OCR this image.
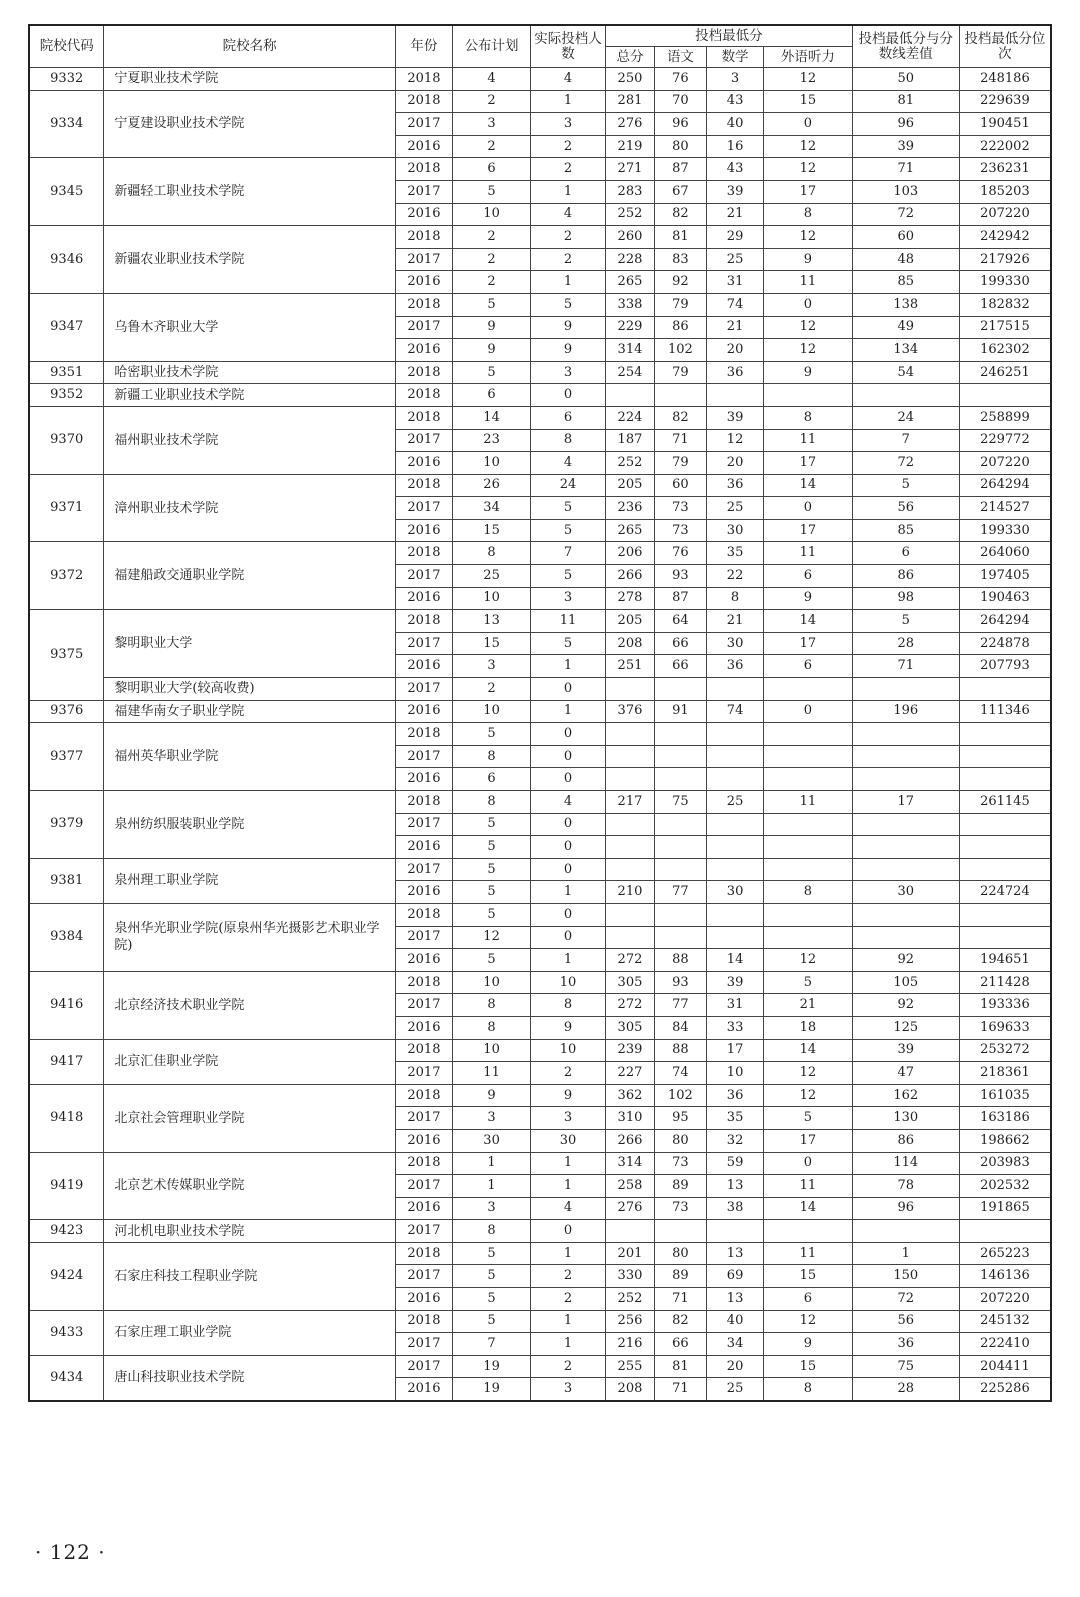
院校代码	院校名称	年份	公布计划	实际投档人数	投档最低分				投档最低分与分数线差值	投档最低分位次
					总分	语文	数学	外语听力		
9332	宁夏职业技术学院	2018	4	4	250	76	3	12	50	248186
9334	宁夏建设职业技术学院	2018	2	1	281	70	43	15	81	229639
		2017	3	3	276	96	40	0	96	190451
		2016	2	2	219	80	16	12	39	222002
9345	新疆轻工职业技术学院	2018	6	2	271	87	43	12	71	236231
		2017	5	1	283	67	39	17	103	185203
		2016	10	4	252	82	21	8	72	207220
9346	新疆农业职业技术学院	2018	2	2	260	81	29	12	60	242942
		2017	2	2	228	83	25	9	48	217926
		2016	2	1	265	92	31	11	85	199330
9347	乌鲁木齐职业大学	2018	5	5	338	79	74	0	138	182832
		2017	9	9	229	86	21	12	49	217515
		2016	9	9	314	102	20	12	134	162302
9351	哈密职业技术学院	2018	5	3	254	79	36	9	54	246251
9352	新疆工业职业技术学院	2018	6	0						
9370	福州职业技术学院	2018	14	6	224	82	39	8	24	258899
		2017	23	8	187	71	12	11	7	229772
		2016	10	4	252	79	20	17	72	207220
9371	漳州职业技术学院	2018	26	24	205	60	36	14	5	264294
		2017	34	5	236	73	25	0	56	214527
		2016	15	5	265	73	30	17	85	199330
9372	福建船政交通职业学院	2018	8	7	206	76	35	11	6	264060
		2017	25	5	266	93	22	6	86	197405
		2016	10	3	278	87	8	9	98	190463
9375	黎明职业大学	2018	13	11	205	64	21	14	5	264294
		2017	15	5	208	66	30	17	28	224878
		2016	3	1	251	66	36	6	71	207793
	黎明职业大学(较高收费)	2017	2	0						
9376	福建华南女子职业学院	2016	10	1	376	91	74	0	196	111346
9377	福州英华职业学院	2018	5	0						
		2017	8	0						
		2016	6	0						
9379	泉州纺织服装职业学院	2018	8	4	217	75	25	11	17	261145
		2017	5	0						
		2016	5	0						
9381	泉州理工职业学院	2017	5	0						
		2016	5	1	210	77	30	8	30	224724
9384	泉州华光职业学院(原泉州华光摄影艺术职业学院)	2018	5	0						
		2017	12	0						
		2016	5	1	272	88	14	12	92	194651
9416	北京经济技术职业学院	2018	10	10	305	93	39	5	105	211428
		2017	8	8	272	77	31	21	92	193336
		2016	8	9	305	84	33	18	125	169633
9417	北京汇佳职业学院	2018	10	10	239	88	17	14	39	253272
		2017	11	2	227	74	10	12	47	218361
9418	北京社会管理职业学院	2018	9	9	362	102	36	12	162	161035
		2017	3	3	310	95	35	5	130	163186
		2016	30	30	266	80	32	17	86	198662
9419	北京艺术传媒职业学院	2018	1	1	314	73	59	0	114	203983
		2017	1	1	258	89	13	11	78	202532
		2016	3	4	276	73	38	14	96	191865
9423	河北机电职业技术学院	2017	8	0						
9424	石家庄科技工程职业学院	2018	5	1	201	80	13	11	1	265223
		2017	5	2	330	89	69	15	150	146136
		2016	5	2	252	71	13	6	72	207220
9433	石家庄理工职业学院	2018	5	1	256	82	40	12	56	245132
		2017	7	1	216	66	34	9	36	222410
9434	唐山科技职业技术学院	2017	19	2	255	81	20	15	75	204411
		2016	19	3	208	71	25	8	28	225286
· 122 ·
